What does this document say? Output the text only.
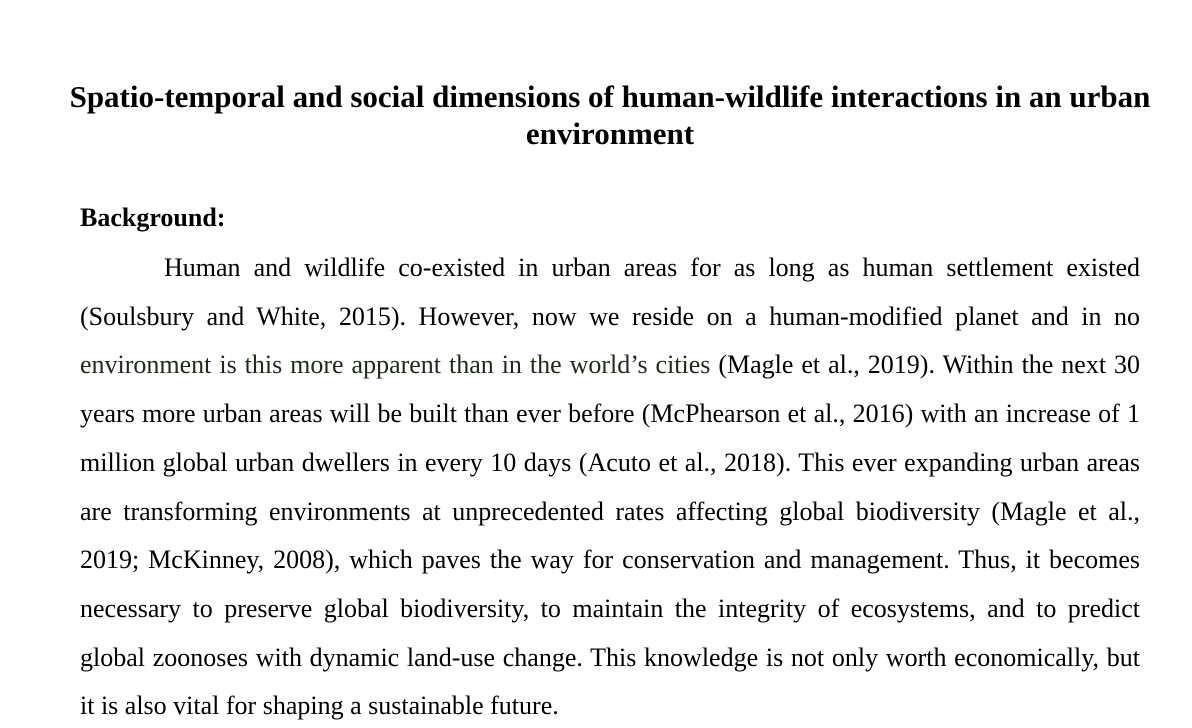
Spatio-temporal and social dimensions of human-wildlife interactions in an urban environment
Background:

Human and wildlife co-existed in urban areas for as long as human settlement existed (Soulsbury and White, 2015). However, now we reside on a human-modified planet and in no environment is this more apparent than in the world’s cities (Magle et al., 2019). Within the next 30 years more urban areas will be built than ever before (McPhearson et al., 2016) with an increase of 1 million global urban dwellers in every 10 days (Acuto et al., 2018). This ever expanding urban areas are transforming environments at unprecedented rates affecting global biodiversity (Magle et al., 2019; McKinney, 2008), which paves the way for conservation and management. Thus, it becomes necessary to preserve global biodiversity, to maintain the integrity of ecosystems, and to predict global zoonoses with dynamic land-use change. This knowledge is not only worth economically, but it is also vital for shaping a sustainable future.
